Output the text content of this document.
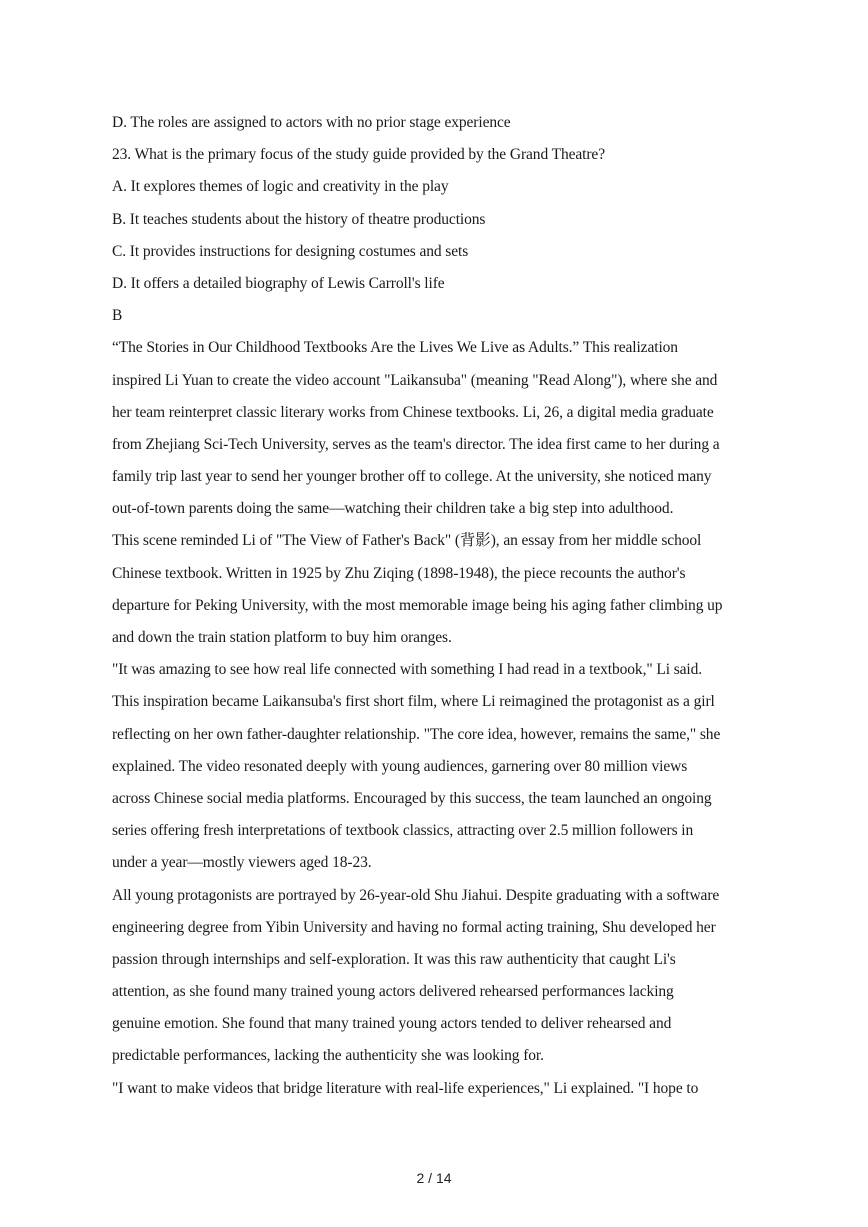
D. The roles are assigned to actors with no prior stage experience
23. What is the primary focus of the study guide provided by the Grand Theatre?
A. It explores themes of logic and creativity in the play
B. It teaches students about the history of theatre productions
C. It provides instructions for designing costumes and sets
D. It offers a detailed biography of Lewis Carroll's life
B
“The Stories in Our Childhood Textbooks Are the Lives We Live as Adults.” This realization
inspired Li Yuan to create the video account "Laikansuba" (meaning "Read Along"), where she and
her team reinterpret classic literary works from Chinese textbooks. Li, 26, a digital media graduate
from Zhejiang Sci-Tech University, serves as the team's director. The idea first came to her during a
family trip last year to send her younger brother off to college. At the university, she noticed many
out-of-town parents doing the same—watching their children take a big step into adulthood.
This scene reminded Li of "The View of Father's Back" (背影), an essay from her middle school
Chinese textbook. Written in 1925 by Zhu Ziqing (1898-1948), the piece recounts the author's
departure for Peking University, with the most memorable image being his aging father climbing up
and down the train station platform to buy him oranges.
"It was amazing to see how real life connected with something I had read in a textbook," Li said.
This inspiration became Laikansuba's first short film, where Li reimagined the protagonist as a girl
reflecting on her own father-daughter relationship. "The core idea, however, remains the same," she
explained. The video resonated deeply with young audiences, garnering over 80 million views
across Chinese social media platforms. Encouraged by this success, the team launched an ongoing
series offering fresh interpretations of textbook classics, attracting over 2.5 million followers in
under a year—mostly viewers aged 18-23.
All young protagonists are portrayed by 26-year-old Shu Jiahui. Despite graduating with a software
engineering degree from Yibin University and having no formal acting training, Shu developed her
passion through internships and self-exploration. It was this raw authenticity that caught Li's
attention, as she found many trained young actors delivered rehearsed performances lacking
genuine emotion. She found that many trained young actors tended to deliver rehearsed and
predictable performances, lacking the authenticity she was looking for.
"I want to make videos that bridge literature with real-life experiences," Li explained. "I hope to
2 / 14
